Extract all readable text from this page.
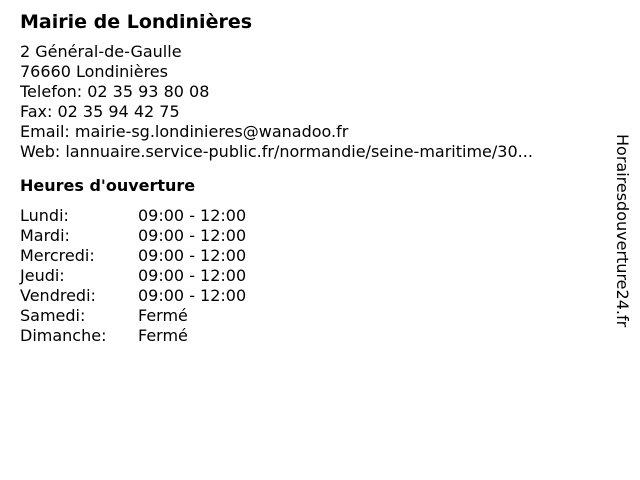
Mairie de Londinières
2 Général-de-Gaulle
76660 Londinières
Telefon: 02 35 93 80 08
Fax: 02 35 94 42 75
Email: mairie-sg.londinieres@wanadoo.fr
Web: lannuaire.service-public.fr/normandie/seine-maritime/30...
Heures d'ouverture
Lundi:	09:00 - 12:00
Mardi:	09:00 - 12:00
Mercredi:	09:00 - 12:00
Jeudi:	09:00 - 12:00
Vendredi:	09:00 - 12:00
Samedi:	Fermé
Dimanche:	Fermé
Horairesdouverture24.fr
